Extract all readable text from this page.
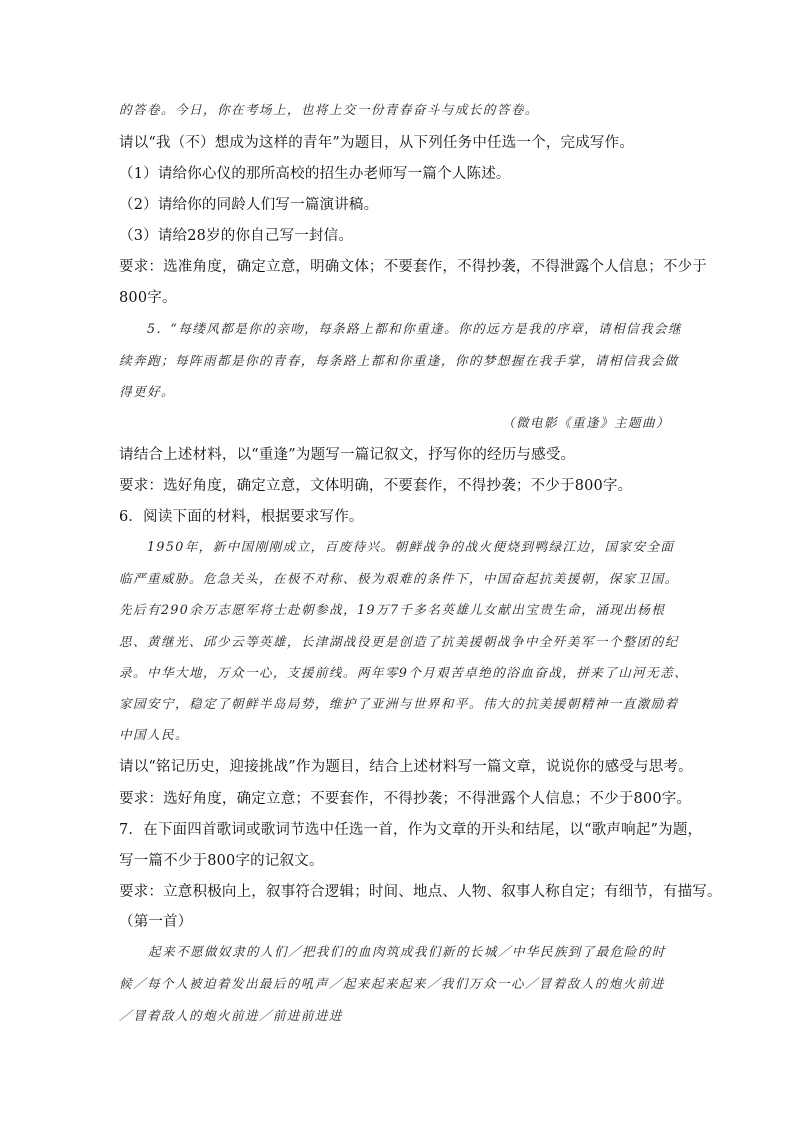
的答卷。今日，你在考场上，也将上交一份青春奋斗与成长的答卷。
请以“我（不）想成为这样的青年”为题目，从下列任务中任选一个，完成写作。
（1）请给你心仪的那所高校的招生办老师写一篇个人陈述。
（2）请给你的同龄人们写一篇演讲稿。
（3）请给28岁的你自己写一封信。
要求：选准角度，确定立意，明确文体；不要套作，不得抄袭，不得泄露个人信息；不少于
800字。
5．“每缕风都是你的亲吻，每条路上都和你重逢。你的远方是我的序章，请相信我会继
续奔跑；每阵雨都是你的青春，每条路上都和你重逢，你的梦想握在我手掌，请相信我会做
得更好。
（微电影《重逢》主题曲）
请结合上述材料，以“重逢”为题写一篇记叙文，抒写你的经历与感受。
要求：选好角度，确定立意，文体明确，不要套作，不得抄袭；不少于800字。
6．阅读下面的材料，根据要求写作。
1950年，新中国刚刚成立，百废待兴。朝鲜战争的战火便烧到鸭绿江边，国家安全面
临严重威胁。危急关头，在极不对称、极为艰难的条件下，中国奋起抗美援朝，保家卫国。
先后有290余万志愿军将士赴朝参战，19万7千多名英雄儿女献出宝贵生命，涌现出杨根
思、黄继光、邱少云等英雄，长津湖战役更是创造了抗美援朝战争中全歼美军一个整团的纪
录。中华大地，万众一心，支援前线。两年零9个月艰苦卓绝的浴血奋战，拼来了山河无恙、
家园安宁，稳定了朝鲜半岛局势，维护了亚洲与世界和平。伟大的抗美援朝精神一直激励着
中国人民。
请以“铭记历史，迎接挑战”作为题目，结合上述材料写一篇文章，说说你的感受与思考。
要求：选好角度，确定立意；不要套作，不得抄袭；不得泄露个人信息；不少于800字。
7．在下面四首歌词或歌词节选中任选一首，作为文章的开头和结尾，以“歌声响起”为题，
写一篇不少于800字的记叙文。
要求：立意积极向上，叙事符合逻辑；时间、地点、人物、叙事人称自定；有细节，有描写。
（第一首）
起来不愿做奴隶的人们／把我们的血肉筑成我们新的长城／中华民族到了最危险的时
候／每个人被迫着发出最后的吼声／起来起来起来／我们万众一心／冒着敌人的炮火前进
／冒着敌人的炮火前进／前进前进进
